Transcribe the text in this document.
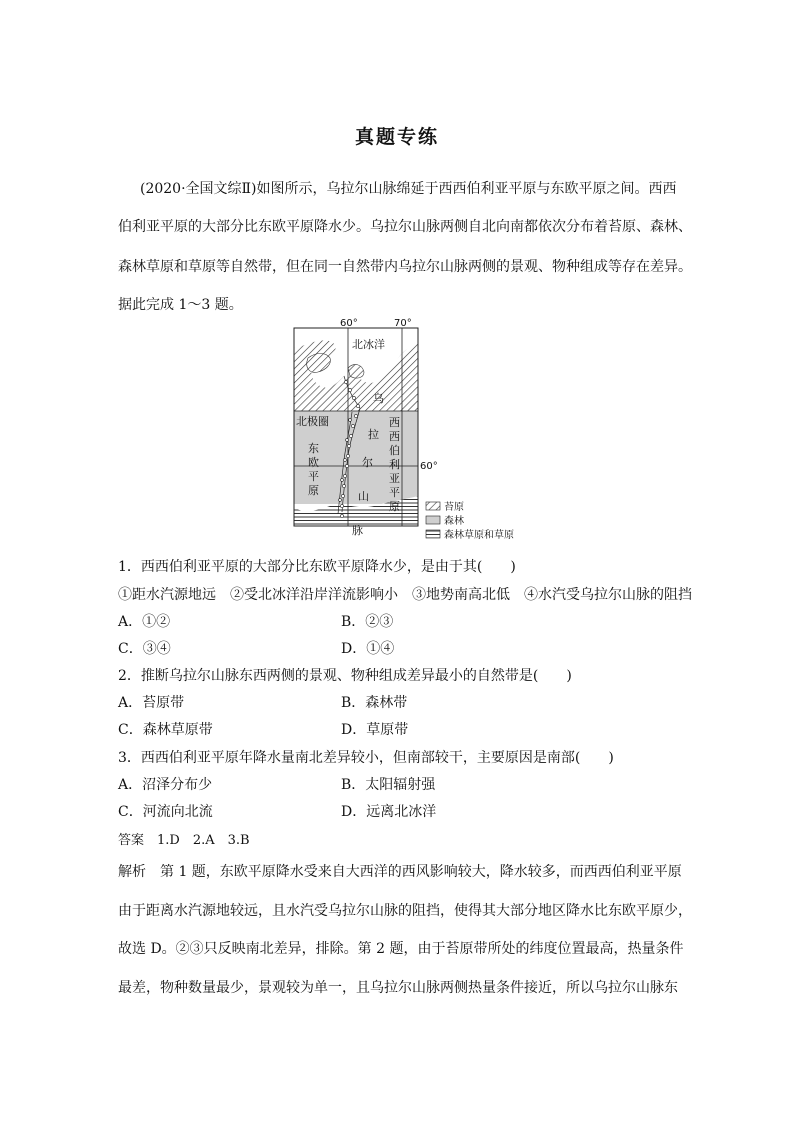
真题专练
(2020·全国文综Ⅱ)如图所示，乌拉尔山脉绵延于西西伯利亚平原与东欧平原之间。西西
伯利亚平原的大部分比东欧平原降水少。乌拉尔山脉两侧自北向南都依次分布着苔原、森林、
森林草原和草原等自然带，但在同一自然带内乌拉尔山脉两侧的景观、物种组成等存在差异。
据此完成 1～3 题。
60°	70°
60°
北冰洋
北极圈
东
欧
平
原
乌
拉
尔
山
脉
西
西
伯
利
亚
平
原	苔原
森林
森林草原和草原
1．西西伯利亚平原的大部分比东欧平原降水少，是由于其(　　)
①距水汽源地远　②受北冰洋沿岸洋流影响小　③地势南高北低　④水汽受乌拉尔山脉的阻挡
A．①②	B．②③
C．③④	D．①④
2．推断乌拉尔山脉东西两侧的景观、物种组成差异最小的自然带是(　　)
A．苔原带	B．森林带
C．森林草原带	D．草原带
3．西西伯利亚平原年降水量南北差异较小，但南部较干，主要原因是南部(　　)
A．沼泽分布少	B．太阳辐射强
C．河流向北流	D．远离北冰洋
答案　1.D　2.A　3.B
解析　第 1 题，东欧平原降水受来自大西洋的西风影响较大，降水较多，而西西伯利亚平原
由于距离水汽源地较远，且水汽受乌拉尔山脉的阻挡，使得其大部分地区降水比东欧平原少，
故选 D。②③只反映南北差异，排除。第 2 题，由于苔原带所处的纬度位置最高，热量条件
最差，物种数量最少，景观较为单一，且乌拉尔山脉两侧热量条件接近，所以乌拉尔山脉东
